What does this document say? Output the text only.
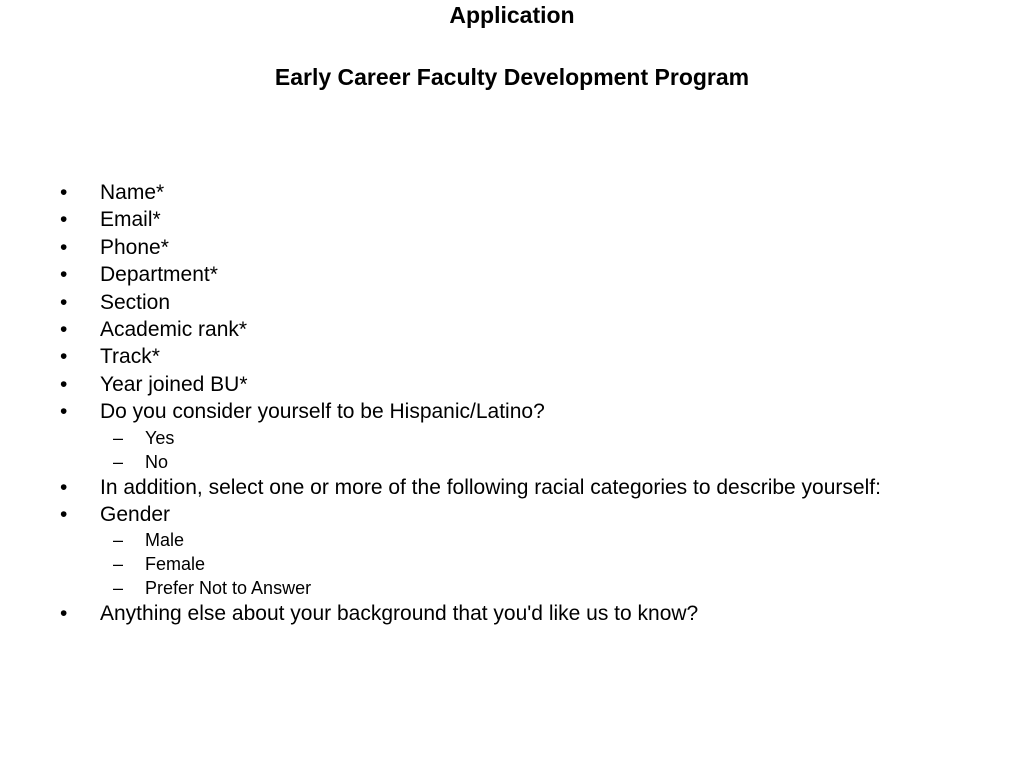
Application
Early Career Faculty Development Program
• Name*
• Email*
• Phone*
• Department*
• Section
• Academic rank*
• Track*
• Year joined BU*
• Do you consider yourself to be Hispanic/Latino?
– Yes
– No
• In addition, select one or more of the following racial categories to describe yourself:
• Gender
– Male
– Female
– Prefer Not to Answer
• Anything else about your background that you'd like us to know?
